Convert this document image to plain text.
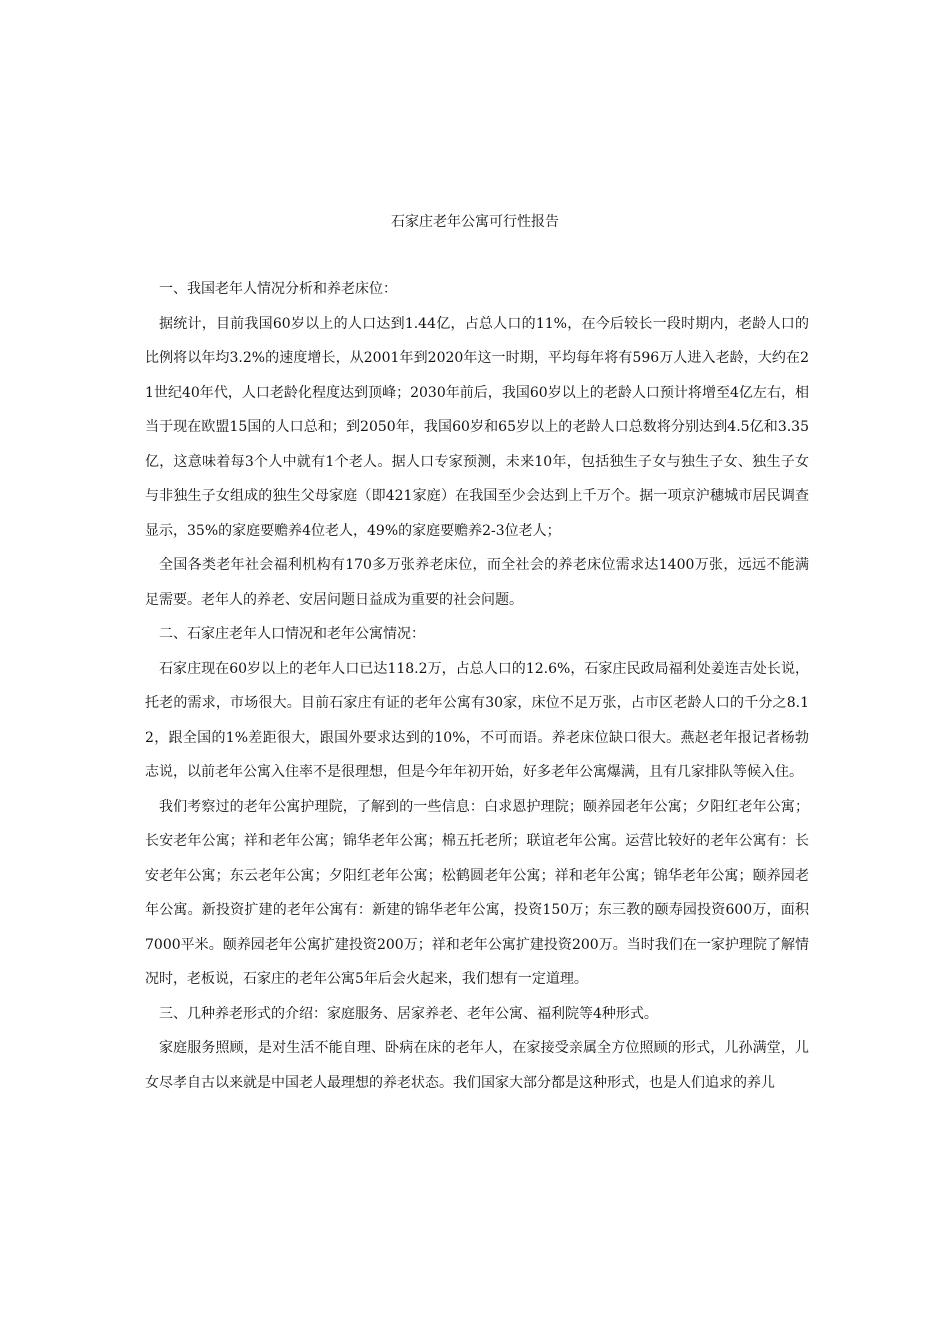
石家庄老年公寓可行性报告

一、我国老年人情况分析和养老床位：

据统计，目前我国60岁以上的人口达到1.44亿，占总人口的11%，在今后较长一段时期内，老龄人口的比例将以年均3.2%的速度增长，从2001年到2020年这一时期，平均每年将有596万人进入老龄，大约在21世纪40年代，人口老龄化程度达到顶峰；2030年前后，我国60岁以上的老龄人口预计将增至4亿左右，相当于现在欧盟15国的人口总和；到2050年，我国60岁和65岁以上的老龄人口总数将分别达到4.5亿和3.35亿，这意味着每3个人中就有1个老人。据人口专家预测，未来10年，包括独生子女与独生子女、独生子女与非独生子女组成的独生父母家庭（即421家庭）在我国至少会达到上千万个。据一项京沪穗城市居民调查显示，35%的家庭要赡养4位老人，49%的家庭要赡养2-3位老人；

全国各类老年社会福利机构有170多万张养老床位，而全社会的养老床位需求达1400万张，远远不能满足需要。老年人的养老、安居问题日益成为重要的社会问题。

二、石家庄老年人口情况和老年公寓情况：

石家庄现在60岁以上的老年人口已达118.2万，占总人口的12.6%，石家庄民政局福利处姜连吉处长说，托老的需求，市场很大。目前石家庄有证的老年公寓有30家，床位不足万张，占市区老龄人口的千分之8.12，跟全国的1%差距很大，跟国外要求达到的10%，不可而语。养老床位缺口很大。燕赵老年报记者杨勃志说，以前老年公寓入住率不是很理想，但是今年年初开始，好多老年公寓爆满，且有几家排队等候入住。

我们考察过的老年公寓护理院，了解到的一些信息：白求恩护理院；颐养园老年公寓；夕阳红老年公寓；长安老年公寓；祥和老年公寓；锦华老年公寓；棉五托老所；联谊老年公寓。运营比较好的老年公寓有：长安老年公寓；东云老年公寓；夕阳红老年公寓；松鹤圆老年公寓；祥和老年公寓；锦华老年公寓；颐养园老年公寓。新投资扩建的老年公寓有：新建的锦华老年公寓，投资150万；东三教的颐寿园投资600万，面积7000平米。颐养园老年公寓扩建投资200万；祥和老年公寓扩建投资200万。当时我们在一家护理院了解情况时，老板说，石家庄的老年公寓5年后会火起来，我们想有一定道理。

三、几种养老形式的介绍：家庭服务、居家养老、老年公寓、福利院等4种形式。

家庭服务照顾，是对生活不能自理、卧病在床的老年人，在家接受亲属全方位照顾的形式，儿孙满堂，儿女尽孝自古以来就是中国老人最理想的养老状态。我们国家大部分都是这种形式，也是人们追求的养儿
